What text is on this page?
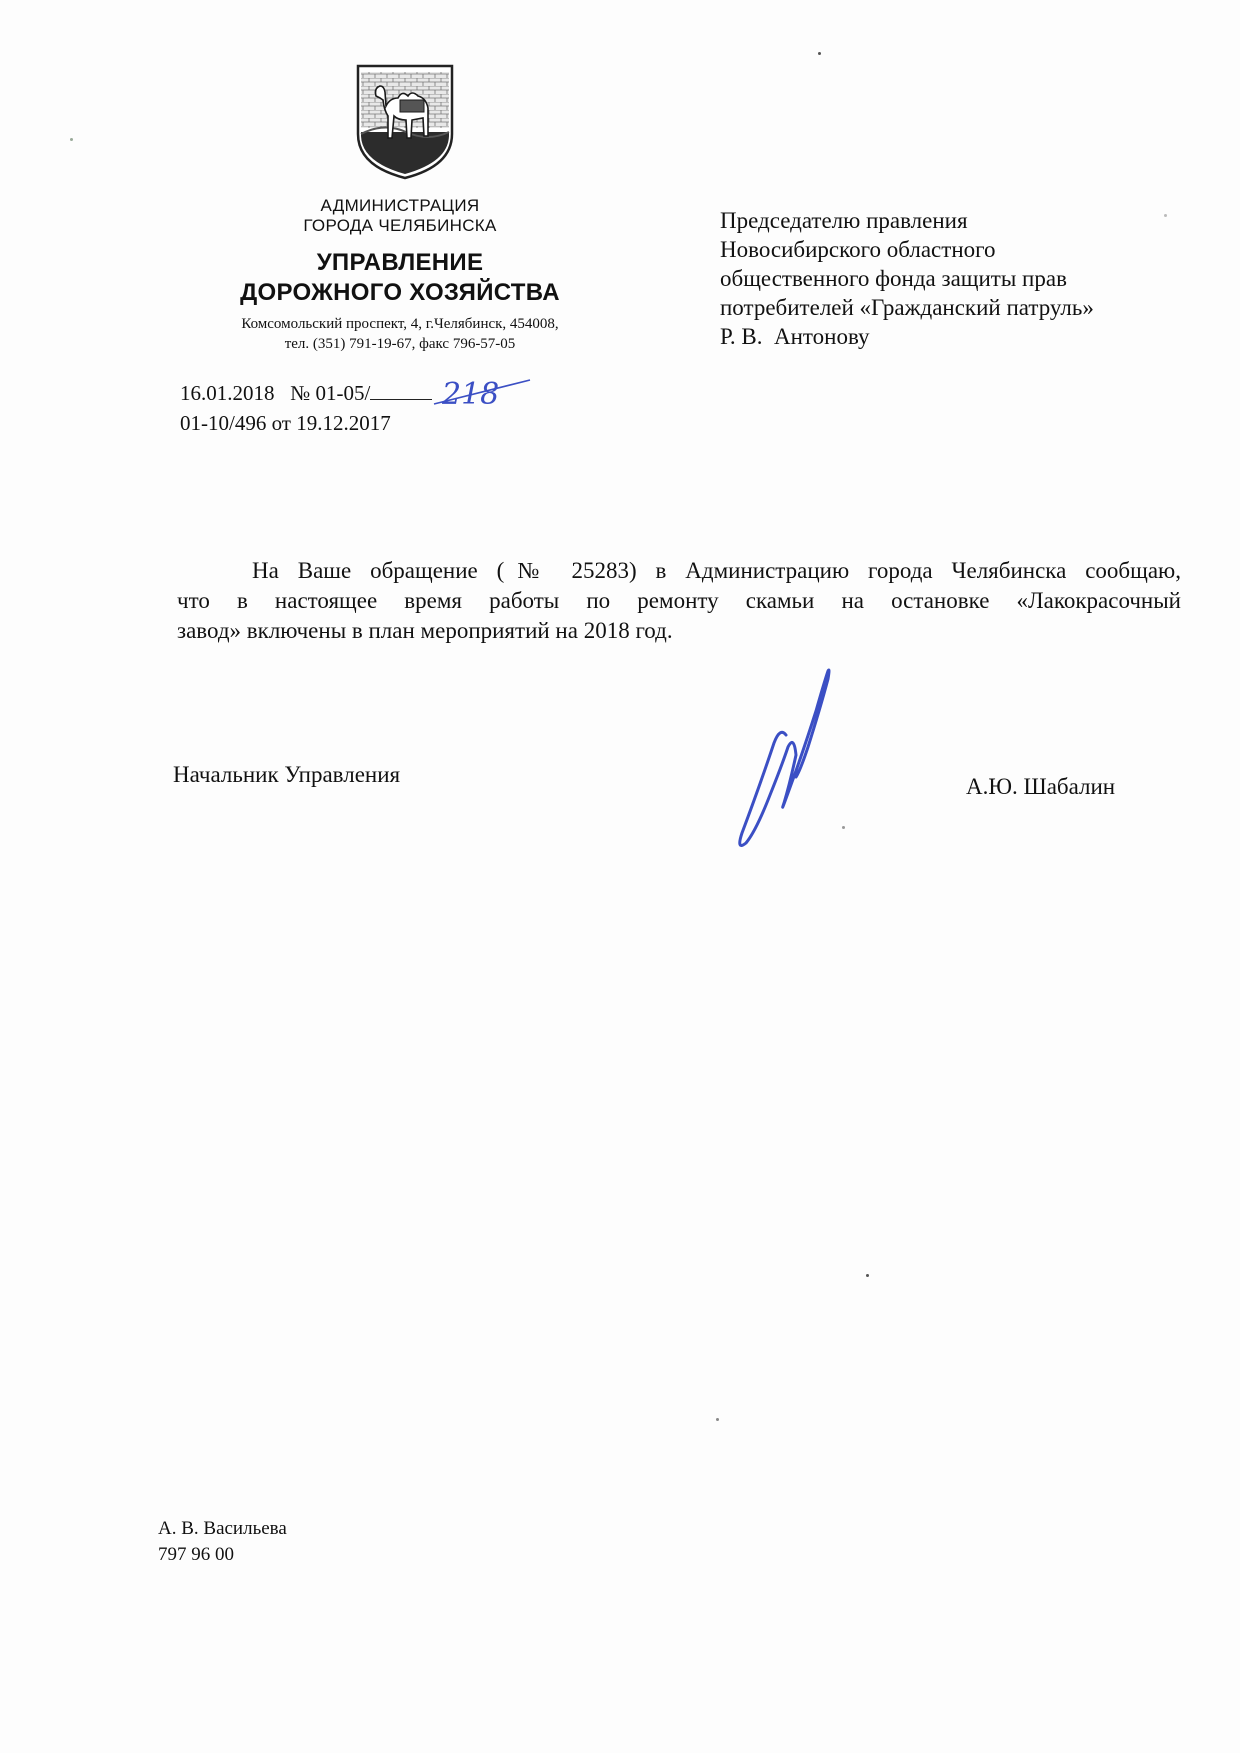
АДМИНИСТРАЦИЯ
ГОРОДА ЧЕЛЯБИНСКА
УПРАВЛЕНИЕ
ДОРОЖНОГО ХОЗЯЙСТВА
Комсомольский проспект, 4, г.Челябинск, 454008,
тел. (351) 791-19-67, факс 796-57-05
16.01.2018 № 01-05/
01-10/496 от 19.12.2017
218
Председателю правления
Новосибирского областного
общественного фонда защиты прав
потребителей «Гражданский патруль»
Р. В.  Антонову
На Ваше обращение (№ 25283) в Администрацию города Челябинска сообщаю,
что в настоящее время работы по ремонту скамьи на остановке «Лакокрасочный
завод» включены в план мероприятий на 2018 год.
Начальник Управления	А.Ю. Шабалин
А. В. Васильева
797 96 00
